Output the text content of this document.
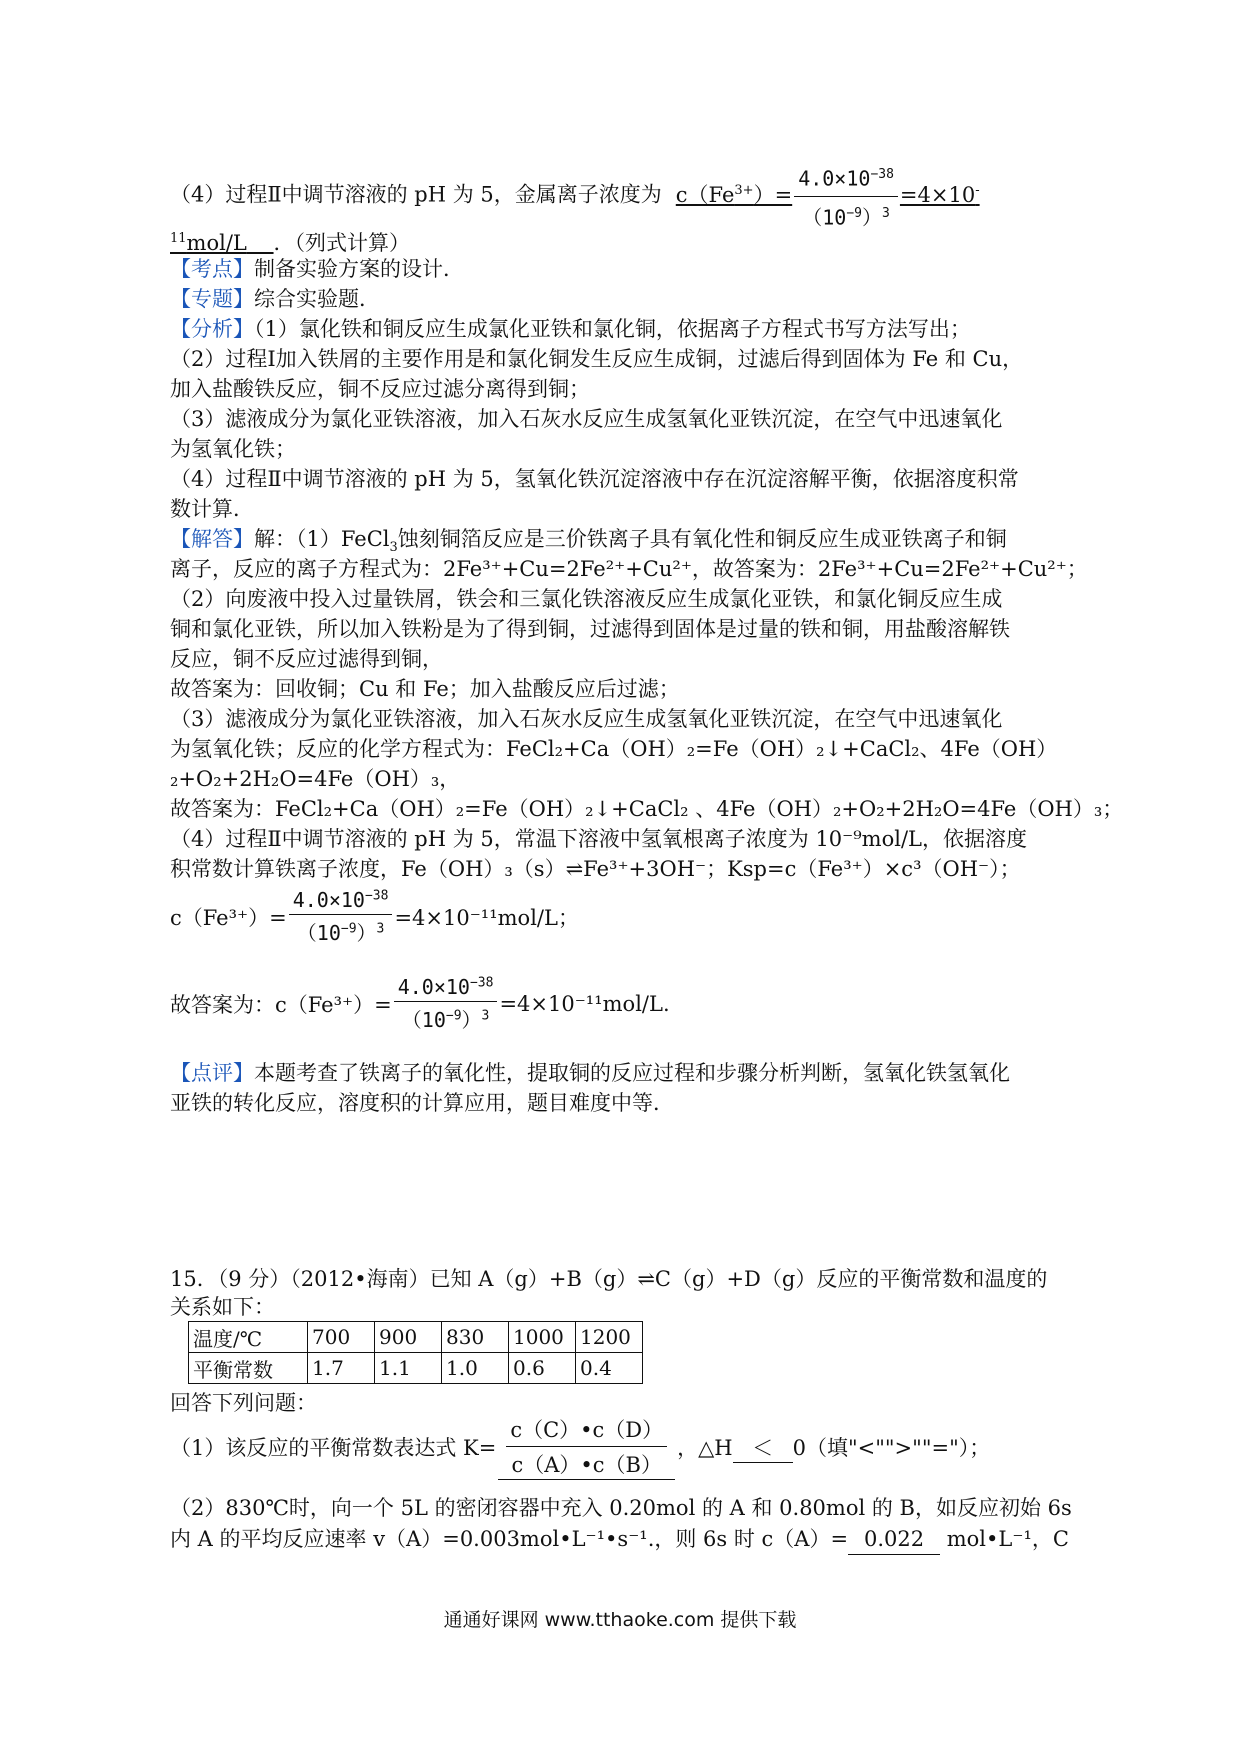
（4）过程Ⅱ中调节溶液的 pH 为 5，金属离子浓度为 $c(Fe^{3+})= \frac{4.0\times 10^{-38}}{(10^{-9})^3} =4\times 10^-$
$^{11}$mol/L ．（列式计算）
【考点】制备实验方案的设计．
【专题】综合实验题．
【分析】（1）氯化铁和铜反应生成氯化亚铁和氯化铜，依据离子方程式书写方法写出；
（2）过程Ⅰ加入铁屑的主要作用是和氯化铜发生反应生成铜，过滤后得到固体为 Fe 和 Cu，
加入盐酸铁反应，铜不反应过滤分离得到铜；
（3）滤液成分为氯化亚铁溶液，加入石灰水反应生成氢氧化亚铁沉淀，在空气中迅速氧化
为氢氧化铁；
（4）过程Ⅱ中调节溶液的 pH 为 5，氢氧化铁沉淀溶液中存在沉淀溶解平衡，依据溶度积常
数计算．
【解答】解：（1）FeCl$_3$蚀刻铜箔反应是三价铁离子具有氧化性和铜反应生成亚铁离子和铜
离子，反应的离子方程式为：2Fe³⁺+Cu=2Fe²⁺+Cu²⁺，故答案为：2Fe³⁺+Cu=2Fe²⁺+Cu²⁺；
（2）向废液中投入过量铁屑，铁会和三氯化铁溶液反应生成氯化亚铁，和氯化铜反应生成
铜和氯化亚铁，所以加入铁粉是为了得到铜，过滤得到固体是过量的铁和铜，用盐酸溶解铁
反应，铜不反应过滤得到铜，
故答案为：回收铜；Cu 和 Fe；加入盐酸反应后过滤；
（3）滤液成分为氯化亚铁溶液，加入石灰水反应生成氢氧化亚铁沉淀，在空气中迅速氧化
为氢氧化铁；反应的化学方程式为：FeCl₂+Ca（OH）₂=Fe（OH）₂↓+CaCl₂、4Fe（OH）
₂+O₂+2H₂O=4Fe（OH）₃，
故答案为：FeCl₂+Ca（OH）₂=Fe（OH）₂↓+CaCl₂ 、4Fe（OH）₂+O₂+2H₂O=4Fe（OH）₃；
（4）过程Ⅱ中调节溶液的 pH 为 5，常温下溶液中氢氧根离子浓度为 10⁻⁹mol/L，依据溶度
积常数计算铁离子浓度，Fe（OH）₃（s）⇌Fe³⁺+3OH⁻；Ksp=c（Fe³⁺）×c³（OH⁻）；
$c(Fe^{3+})= \frac{4.0\times 10^{-38}}{(10^{-9})^3} =4\times 10^{-11}mol/L$；
故答案为：$c(Fe^{3+})= \frac{4.0\times 10^{-38}}{(10^{-9})^3} =4\times 10^{-11}mol/L$.
【点评】本题考查了铁离子的氧化性，提取铜的反应过程和步骤分析判断，氢氧化铁氢氧化
亚铁的转化反应，溶度积的计算应用，题目难度中等．
15．（9 分）（2012•海南）已知 A（g）+B（g）⇌C（g）+D（g）反应的平衡常数和温度的
关系如下：
温度/℃	700	900	830	1000	1200
平衡常数	1.7	1.1	1.0	0.6	0.4
回答下列问题：
（1）该反应的平衡常数表达式 $K= \frac{c(C)•c(D)}{c(A)•c(B)}$ ，△H ＜ 0（填"<"">""="）；
（2）830℃时，向一个 5L 的密闭容器中充入 0.20mol 的 A 和 0.80mol 的 B，如反应初始 6s
内 A 的平均反应速率 v（A）=0.003mol•L⁻¹•s⁻¹.，则 6s 时 c（A）= 0.022 mol•L⁻¹，C
通通好课网 www.tthaoke.com 提供下载
